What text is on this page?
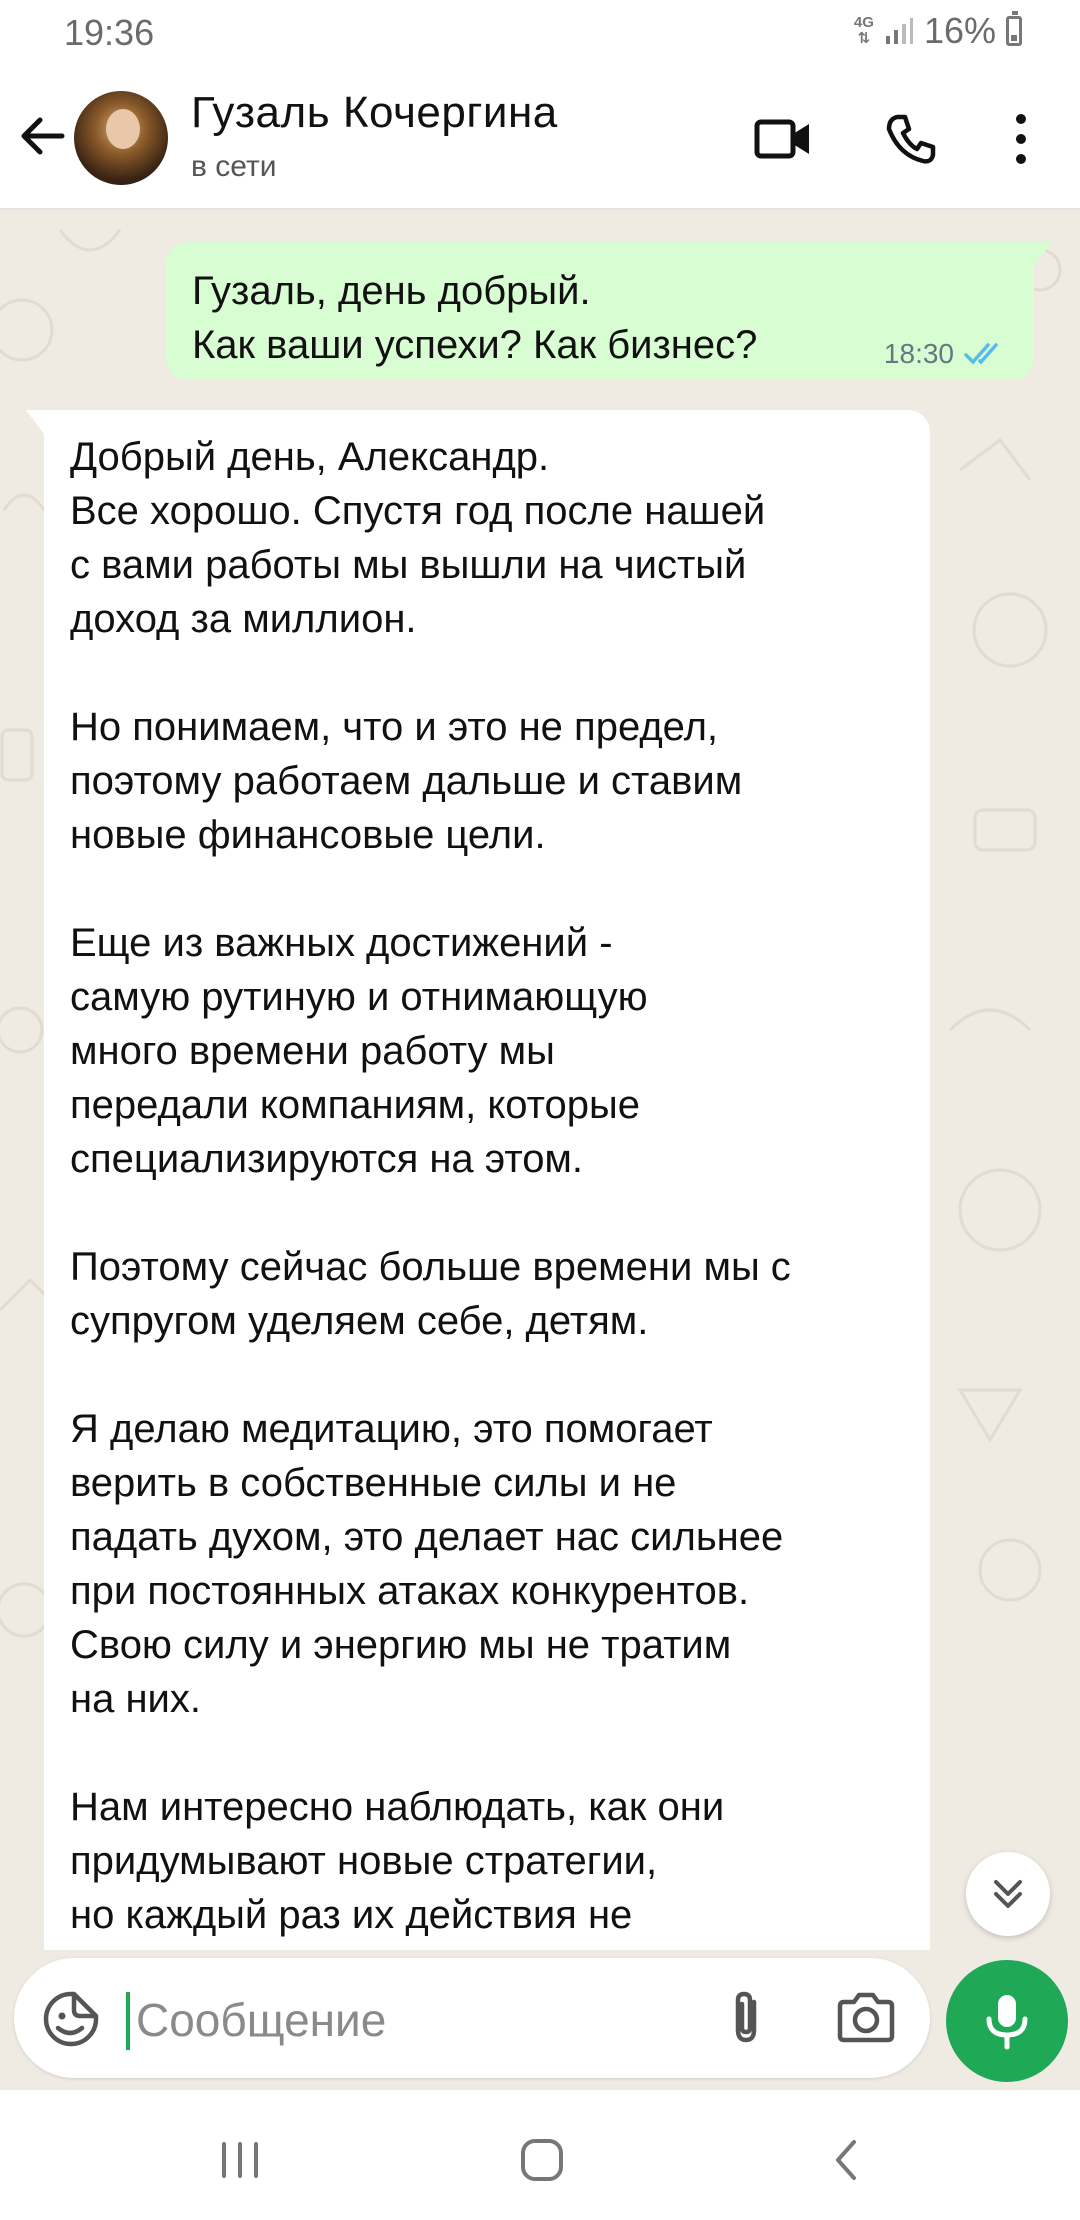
19:36	4G
⇅ 16%
Гузаль Кочергина
в сети
Гузаль, день добрый.
Как ваши успехи? Как бизнес?	18:30
Добрый день, Александр.
Все хорошо. Спустя год после нашей
с вами работы мы вышли на чистый
доход за миллион.

Но понимаем, что и это не предел,
поэтому работаем дальше и ставим
новые финансовые цели.

Еще из важных достижений -
самую рутиную и отнимающую
много времени работу мы
передали компаниям, которые
специализируются на этом.

Поэтому сейчас больше времени мы с
супругом уделяем себе, детям.

Я делаю медитацию, это помогает
верить в собственные силы и не
падать духом, это делает нас сильнее
при постоянных атаках конкурентов.
Свою силу и энергию мы не тратим
на них.

Нам интересно наблюдать, как они
придумывают новые стратегии,
но каждый раз их действия не
Сообщение
